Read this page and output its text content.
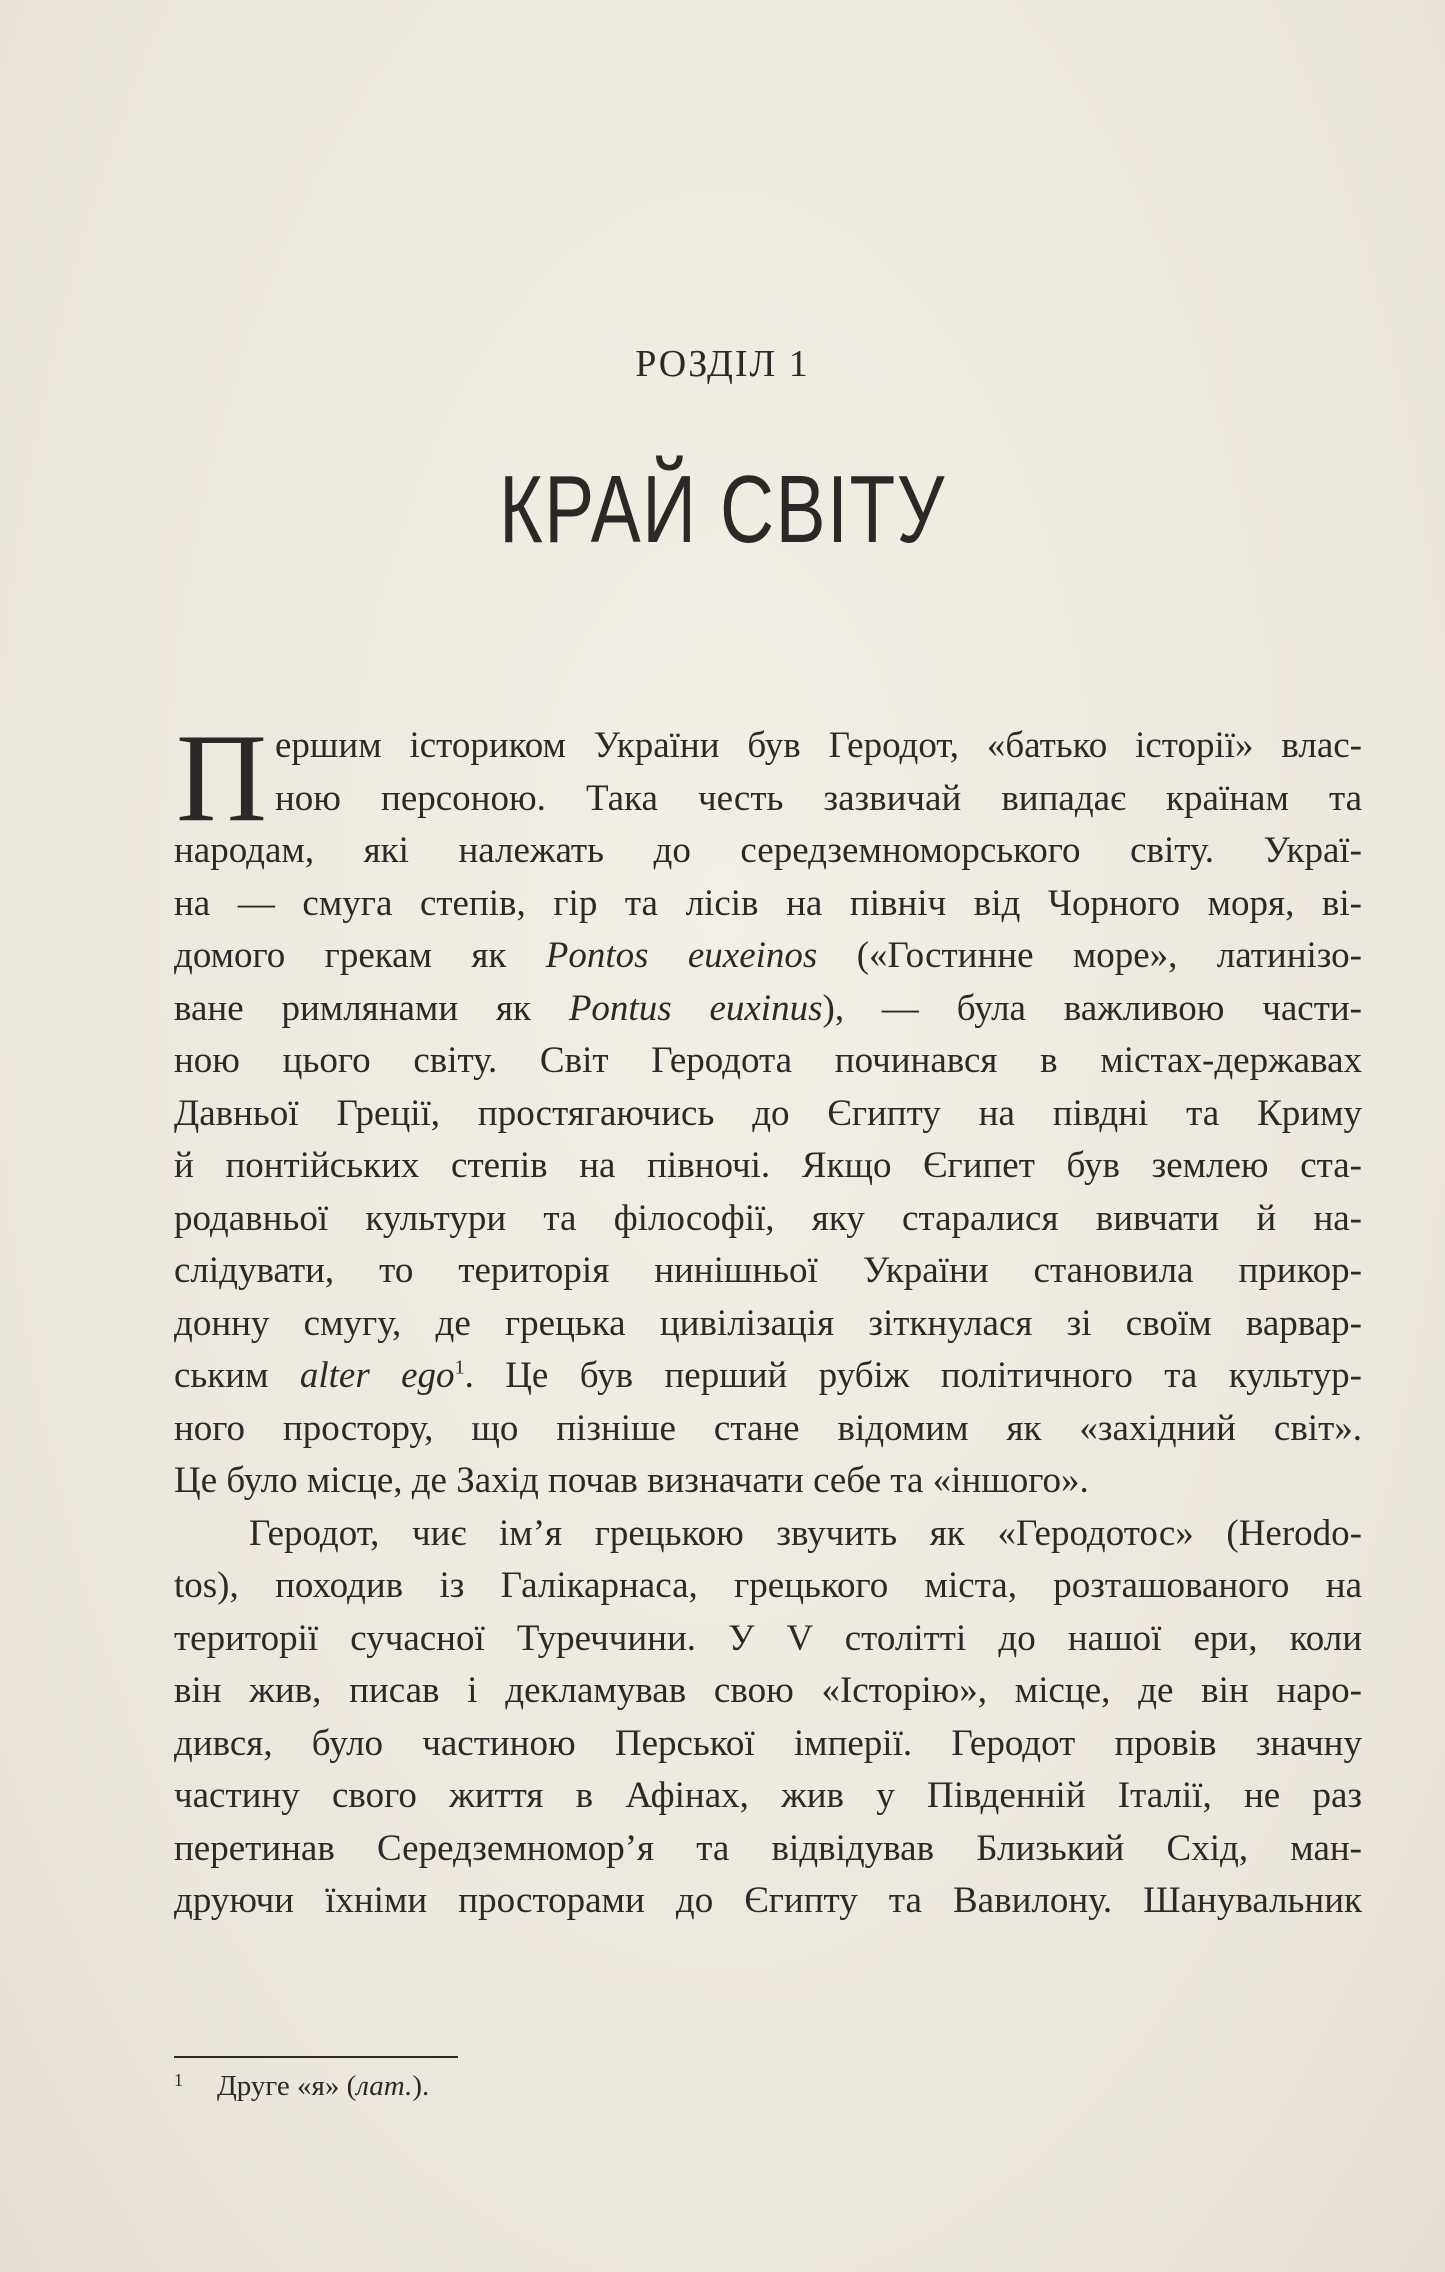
РОЗДІЛ 1
КРАЙ СВІТУ
П ершим істориком України був Геродот, «батько історії» влас-
ною персоною. Така честь зазвичай випадає країнам та
народам, які належать до середземноморського світу. Украï-
на — смуга степів, гір та лісів на північ від Чорного моря, ві-
домого грекам як Pontos euxeinos («Гостинне море», латинізо-
ване римлянами як Pontus euxinus), — була важливою части-
ною цього світу. Світ Геродота починався в містах-державах
Давньої Греції, простягаючись до Єгипту на півдні та Криму
й понтійських степів на півночі. Якщо Єгипет був землею ста-
родавньої культури та філософії, яку старалися вивчати й на-
слідувати, то територія нинішньої України становила прикор-
донну смугу, де грецька цивілізація зіткнулася зі своїм варвар-
ським alter ego$^1$. Це був перший рубіж політичного та культур-
ного простору, що пізніше стане відомим як «західний світ».
Це було місце, де Захід почав визначати себе та «іншого».
Геродот, чиє ім’я грецькою звучить як «Геродотос» (Herodo-
tos), походив із Галікарнаса, грецького міста, розташованого на
території сучасної Туреччини. У V столітті до нашої ери, коли
він жив, писав і декламував свою «Історію», місце, де він наро-
дився, було частиною Перської імперії. Геродот провів значну
частину свого життя в Афінах, жив у Південній Італії, не раз
перетинав Середземномор’я та відвідував Близький Схід, ман-
друючи їхніми просторами до Єгипту та Вавилону. Шанувальник
$^1$ Друге «я» (лат.).
